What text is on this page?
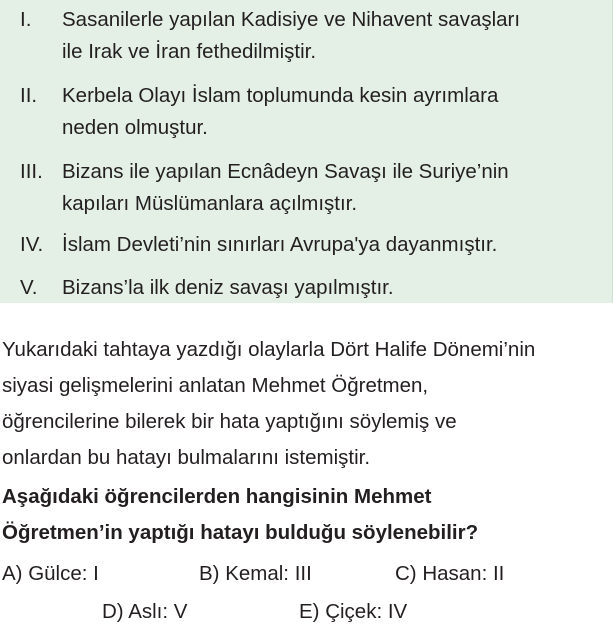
I. Sasanilerle yapılan Kadisiye ve Nihavent savaşları
ile Irak ve İran fethedilmiştir.
II. Kerbela Olayı İslam toplumunda kesin ayrımlara
neden olmuştur.
III. Bizans ile yapılan Ecnâdeyn Savaşı ile Suriye’nin
kapıları Müslümanlara açılmıştır.
IV. İslam Devleti’nin sınırları Avrupa'ya dayanmıştır.
V. Bizans’la ilk deniz savaşı yapılmıştır.
Yukarıdaki tahtaya yazdığı olaylarla Dört Halife Dönemi’nin
siyasi gelişmelerini anlatan Mehmet Öğretmen,
öğrencilerine bilerek bir hata yaptığını söylemiş ve
onlardan bu hatayı bulmalarını istemiştir.
Aşağıdaki öğrencilerden hangisinin Mehmet
Öğretmen’in yaptığı hatayı bulduğu söylenebilir?
A) Gülce: I	B) Kemal: III	C) Hasan: II
D) Aslı: V	E) Çiçek: IV
